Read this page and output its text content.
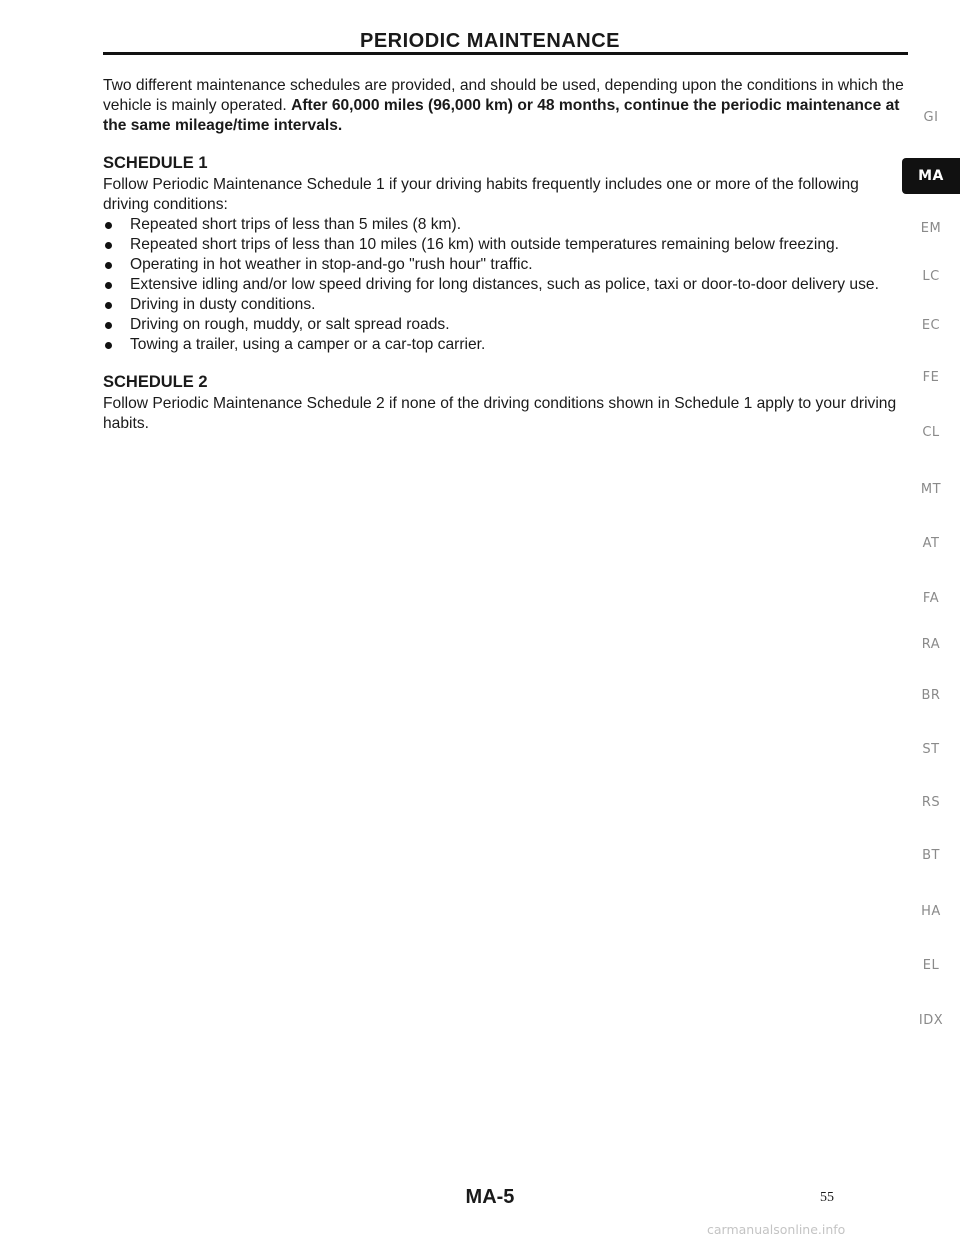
PERIODIC MAINTENANCE

Two different maintenance schedules are provided, and should be used, depending upon the conditions in which the vehicle is mainly operated. After 60,000 miles (96,000 km) or 48 months, continue the periodic maintenance at the same mileage/time intervals.

SCHEDULE 1

Follow Periodic Maintenance Schedule 1 if your driving habits frequently includes one or more of the following driving conditions:

Repeated short trips of less than 5 miles (8 km).
Repeated short trips of less than 10 miles (16 km) with outside temperatures remaining below freezing.
Operating in hot weather in stop-and-go "rush hour" traffic.
Extensive idling and/or low speed driving for long distances, such as police, taxi or door-to-door delivery use.
Driving in dusty conditions.
Driving on rough, muddy, or salt spread roads.
Towing a trailer, using a camper or a car-top carrier.
SCHEDULE 2

Follow Periodic Maintenance Schedule 2 if none of the driving conditions shown in Schedule 1 apply to your driving habits.

GI
MA
EM
LC
EC
FE
CL
MT
AT
FA
RA
BR
ST
RS
BT
HA
EL
IDX
MA-5	55
carmanualsonline.info
